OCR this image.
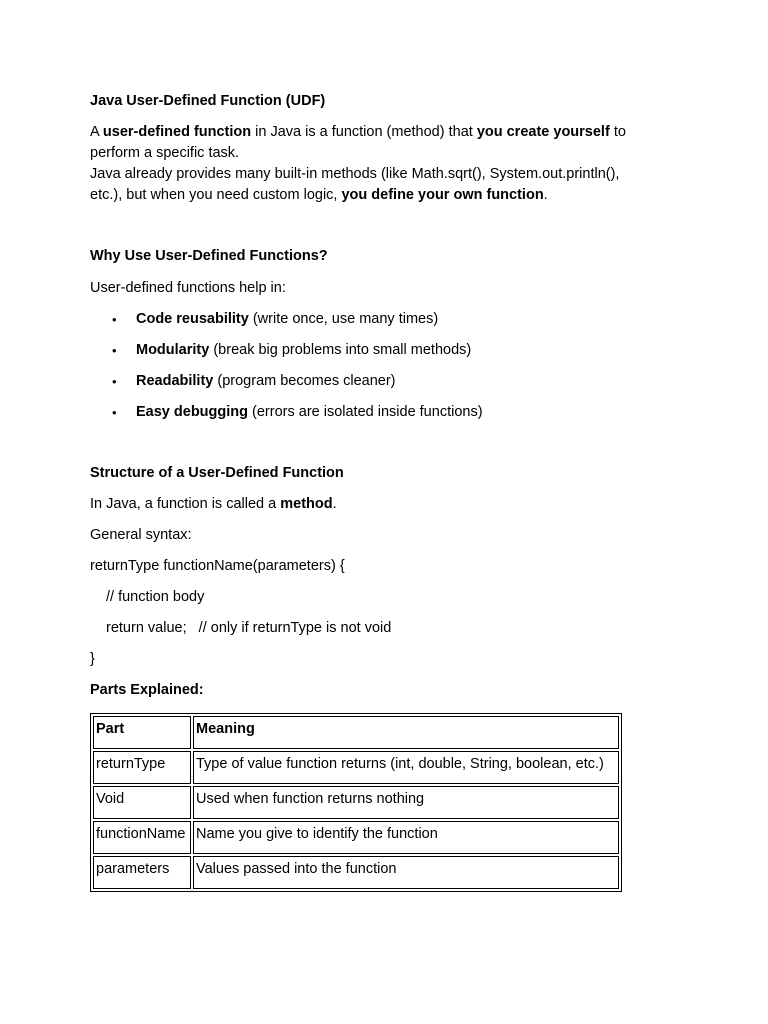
Java User-Defined Function (UDF)

A user-defined function in Java is a function (method) that you create yourself to perform a specific task.

Java already provides many built-in methods (like Math.sqrt(), System.out.println(), etc.), but when you need custom logic, you define your own function.

Why Use User-Defined Functions?

User-defined functions help in:

• Code reusability (write once, use many times)
• Modularity (break big problems into small methods)
• Readability (program becomes cleaner)
• Easy debugging (errors are isolated inside functions)
Structure of a User-Defined Function

In Java, a function is called a method.

General syntax:

returnType functionName(parameters) {
// function body
return value;   // only if returnType is not void
}
Parts Explained:
Part	Meaning
returnType	Type of value function returns (int, double, String, boolean, etc.)
Void	Used when function returns nothing
functionName	Name you give to identify the function
parameters	Values passed into the function
